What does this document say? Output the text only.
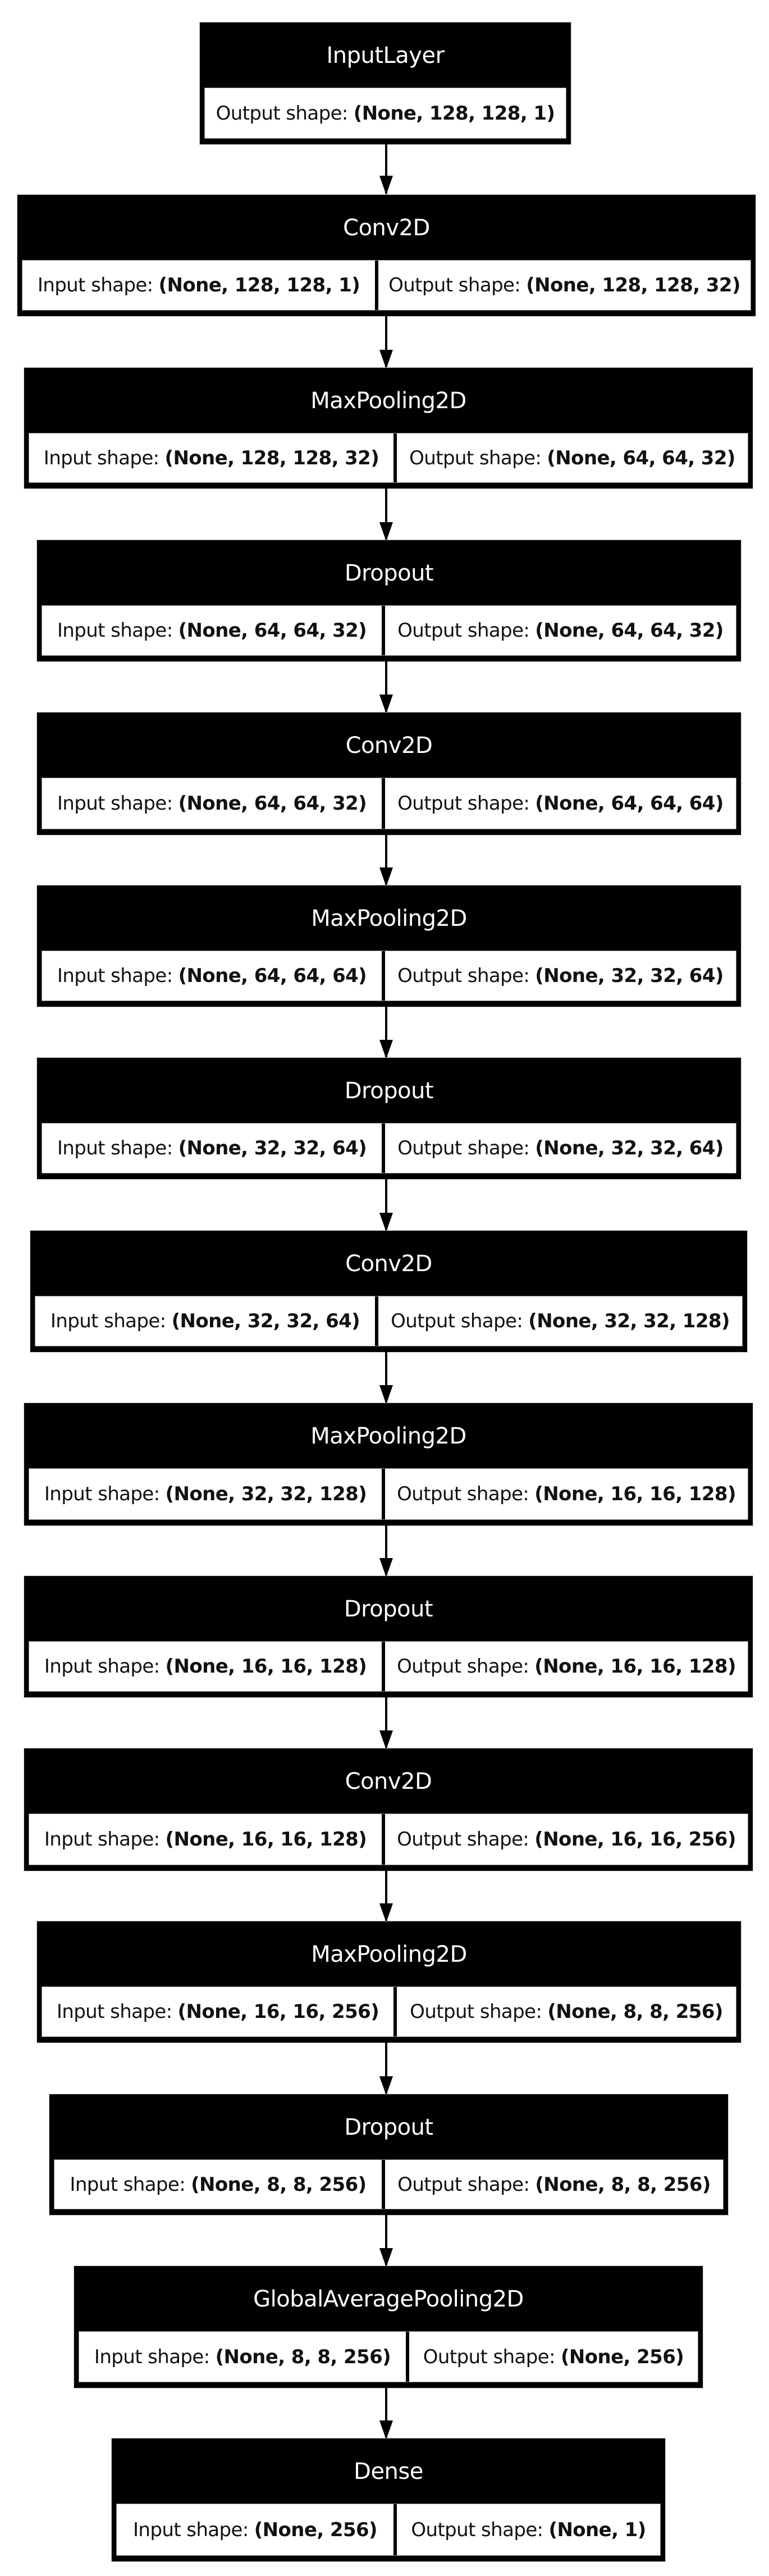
InputLayer
Output shape: (None, 128, 128, 1)
Conv2D
Input shape: (None, 128, 128, 1) Output shape: (None, 128, 128, 32)
MaxPooling2D
Input shape: (None, 128, 128, 32) Output shape: (None, 64, 64, 32)
Dropout
Input shape: (None, 64, 64, 32) Output shape: (None, 64, 64, 32)
Conv2D
Input shape: (None, 64, 64, 32) Output shape: (None, 64, 64, 64)
MaxPooling2D
Input shape: (None, 64, 64, 64) Output shape: (None, 32, 32, 64)
Dropout
Input shape: (None, 32, 32, 64) Output shape: (None, 32, 32, 64)
Conv2D
Input shape: (None, 32, 32, 64) Output shape: (None, 32, 32, 128)
MaxPooling2D
Input shape: (None, 32, 32, 128) Output shape: (None, 16, 16, 128)
Dropout
Input shape: (None, 16, 16, 128) Output shape: (None, 16, 16, 128)
Conv2D
Input shape: (None, 16, 16, 128) Output shape: (None, 16, 16, 256)
MaxPooling2D
Input shape: (None, 16, 16, 256) Output shape: (None, 8, 8, 256)
Dropout
Input shape: (None, 8, 8, 256) Output shape: (None, 8, 8, 256)
GlobalAveragePooling2D
Input shape: (None, 8, 8, 256) Output shape: (None, 256)
Dense
Input shape: (None, 256) Output shape: (None, 1)
